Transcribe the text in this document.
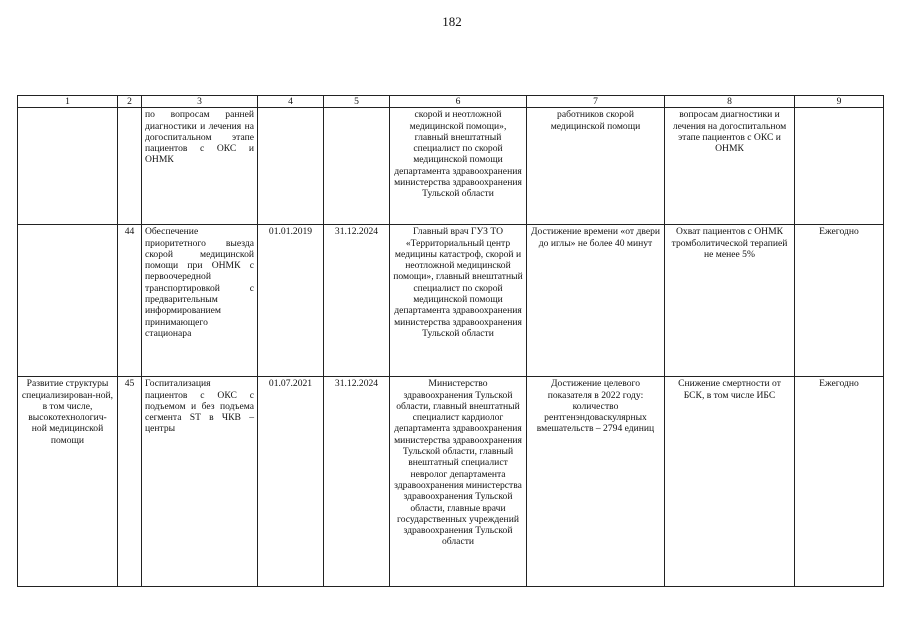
182
1	2	3	4	5	6	7	8	9
		по вопросам ранней диагностики и лечения на догоспитальном этапе пациентов с ОКС и ОНМК			скорой и неотложной медицинской помощи», главный внештатный специалист по скорой медицинской помощи департамента здравоохранения министерства здравоохранения Тульской области	работников скорой медицинской помощи	вопросам диагностики и лечения на догоспитальном этапе пациентов с ОКС и ОНМК	
	44	Обеспечение приоритетного выезда скорой медицинской помощи при ОНМК с первоочередной транспортировкой с предварительным информированием принимающего стационара	01.01.2019	31.12.2024	Главный врач ГУЗ ТО «Территориальный центр медицины катастроф, скорой и неотложной медицинской помощи», главный внештатный специалист по скорой медицинской помощи департамента здравоохранения министерства здравоохранения Тульской области	Достижение времени «от двери до иглы» не более 40 минут	Охват пациентов с ОНМК тромболитической терапией не менее 5%	Ежегодно
Развитие структуры специализирован-ной, в том числе, высокотехнологич-ной медицинской помощи	45	Госпитализация пациентов с ОКС с подъемом и без подъема сегмента ST в ЧКВ – центры	01.07.2021	31.12.2024	Министерство здравоохранения Тульской области, главный внештатный специалист кардиолог департамента здравоохранения министерства здравоохранения Тульской области, главный внештатный специалист невролог департамента здравоохранения министерства здравоохранения Тульской области, главные врачи государственных учреждений здравоохранения Тульской области	Достижение целевого показателя в 2022 году: количество рентгенэндоваскулярных вмешательств – 2794 единиц	Снижение смертности от БСК, в том числе ИБС	Ежегодно
